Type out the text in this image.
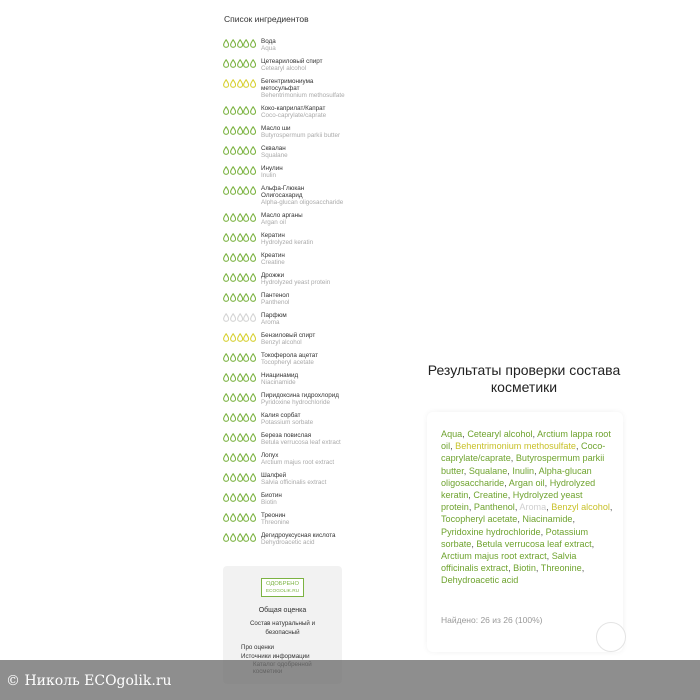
Список ингредиентов
Вода
Aqua
Цетеариловый спирт
Cetearyl alcohol
Бегентримониума метосульфат
Behentrimonium methosulfate
Коко-каприлат/Капрат
Coco-caprylate/caprate
Масло ши
Butyrospermum parkii butter
Сквалан
Squalane
Инулин
Inulin
Альфа-Глюкан Олигосахарид
Alpha-glucan oligosaccharide
Масло арганы
Argan oil
Кератин
Hydrolyzed keratin
Креатин
Creatine
Дрожжи
Hydrolyzed yeast protein
Пантенол
Panthenol
Парфюм
Aroma
Бензиловый спирт
Benzyl alcohol
Токоферола ацетат
Tocopheryl acetate
Ниацинамид
Niacinamide
Пиридоксина гидрохлорид
Pyridoxine hydrochloride
Калия сорбат
Potassium sorbate
Береза повислая
Betula verrucosa leaf extract
Лопух
Arctium majus root extract
Шалфей
Salvia officinalis extract
Биотин
Biotin
Треонин
Threonine
Дегидроуксусная кислота
Dehydroacetic acid
ОДОБРЕНО
ECOGOLIK.RU
Общая оценка
Состав натуральный и безопасный
Про оценки
Источники информации
Результаты проверки состава косметики
Aqua, Cetearyl alcohol, Arctium lappa root oil, Behentrimonium methosulfate, Coco-caprylate/caprate, Butyrospermum parkii butter, Squalane, Inulin, Alpha-glucan oligosaccharide, Argan oil, Hydrolyzed keratin, Creatine, Hydrolyzed yeast protein, Panthenol, Aroma, Benzyl alcohol, Tocopheryl acetate, Niacinamide, Pyridoxine hydrochloride, Potassium sorbate, Betula verrucosa leaf extract, Arctium majus root extract, Salvia officinalis extract, Biotin, Threonine, Dehydroacetic acid
Найдено: 26 из 26 (100%)
© Николь ECOgolik.ru
